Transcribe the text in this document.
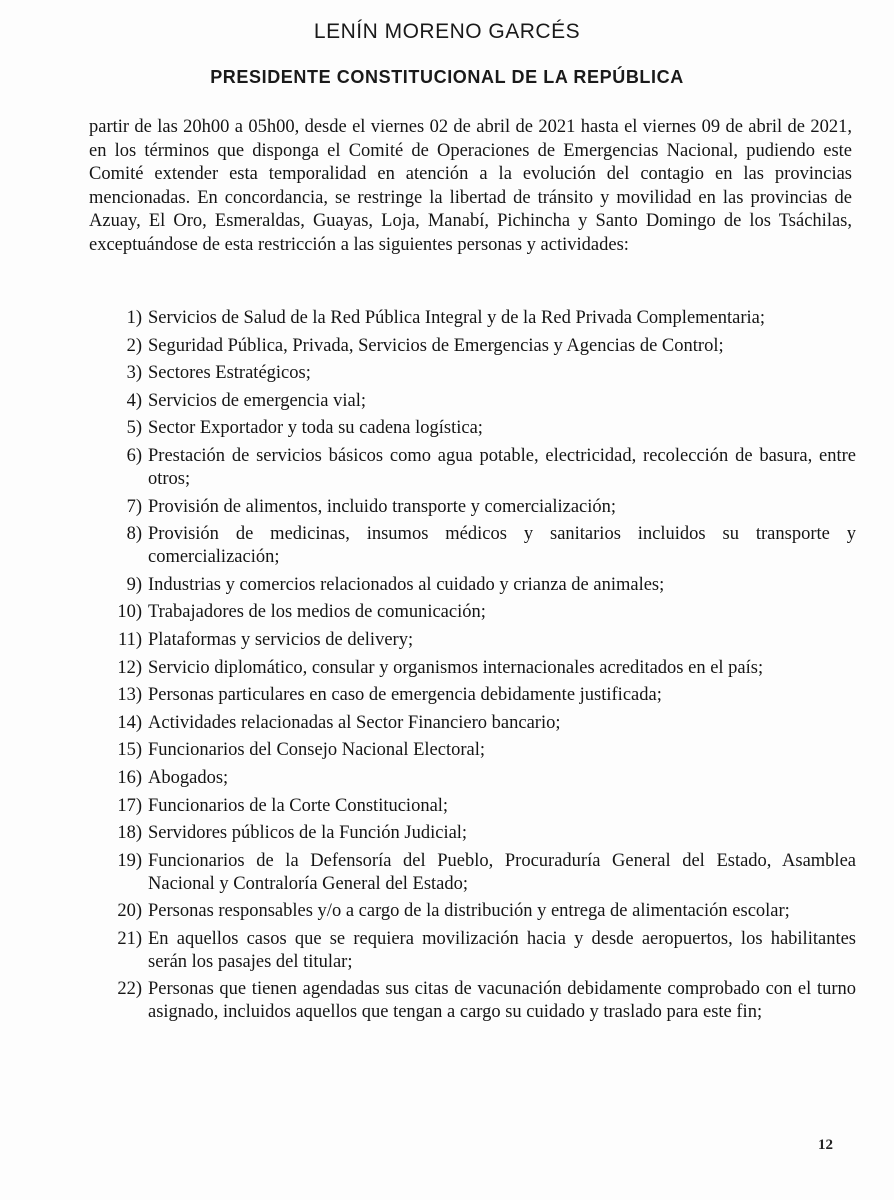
LENÍN MORENO GARCÉS
PRESIDENTE CONSTITUCIONAL DE LA REPÚBLICA

partir de las 20h00 a 05h00, desde el viernes 02 de abril de 2021 hasta el viernes 09 de abril de 2021, en los términos que disponga el Comité de Operaciones de Emergencias Nacional, pudiendo este Comité extender esta temporalidad en atención a la evolución del contagio en las provincias mencionadas. En concordancia, se restringe la libertad de tránsito y movilidad en las provincias de Azuay, El Oro, Esmeraldas, Guayas, Loja, Manabí, Pichincha y Santo Domingo de los Tsáchilas, exceptuándose de esta restricción a las siguientes personas y actividades:

1) Servicios de Salud de la Red Pública Integral y de la Red Privada Complementaria;
2) Seguridad Pública, Privada, Servicios de Emergencias y Agencias de Control;
3) Sectores Estratégicos;
4) Servicios de emergencia vial;
5) Sector Exportador y toda su cadena logística;
6) Prestación de servicios básicos como agua potable, electricidad, recolección de basura, entre otros;
7) Provisión de alimentos, incluido transporte y comercialización;
8) Provisión de medicinas, insumos médicos y sanitarios incluidos su transporte y comercialización;
9) Industrias y comercios relacionados al cuidado y crianza de animales;
10) Trabajadores de los medios de comunicación;
11) Plataformas y servicios de delivery;
12) Servicio diplomático, consular y organismos internacionales acreditados en el país;
13) Personas particulares en caso de emergencia debidamente justificada;
14) Actividades relacionadas al Sector Financiero bancario;
15) Funcionarios del Consejo Nacional Electoral;
16) Abogados;
17) Funcionarios de la Corte Constitucional;
18) Servidores públicos de la Función Judicial;
19) Funcionarios de la Defensoría del Pueblo, Procuraduría General del Estado, Asamblea Nacional y Contraloría General del Estado;
20) Personas responsables y/o a cargo de la distribución y entrega de alimentación escolar;
21) En aquellos casos que se requiera movilización hacia y desde aeropuertos, los habilitantes serán los pasajes del titular;
22) Personas que tienen agendadas sus citas de vacunación debidamente comprobado con el turno asignado, incluidos aquellos que tengan a cargo su cuidado y traslado para este fin;
12
